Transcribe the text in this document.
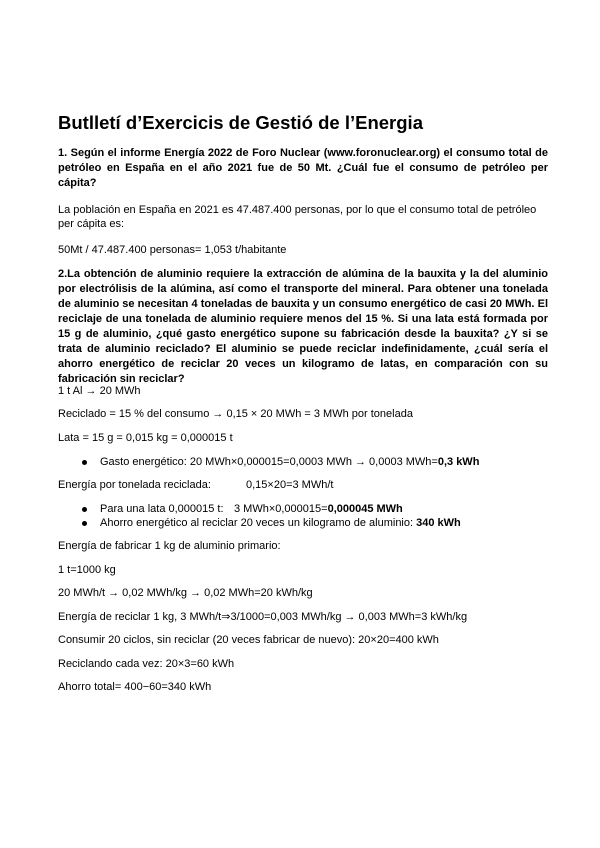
Butlletí d’Exercicis de Gestió de l’Energia

1. Según el informe Energía 2022 de Foro Nuclear (www.foronuclear.org) el consumo total de petróleo en España en el año 2021 fue de 50 Mt. ¿Cuál fue el consumo de petróleo per cápita?

La población en España en 2021 es 47.487.400 personas, por lo que el consumo total de petróleo per cápita es:

50Mt / 47.487.400 personas= 1,053 t/habitante

2.La obtención de aluminio requiere la extracción de alúmina de la bauxita y la del aluminio por electrólisis de la alúmina, así como el transporte del mineral. Para obtener una tonelada de aluminio se necesitan 4 toneladas de bauxita y un consumo energético de casi 20 MWh. El reciclaje de una tonelada de aluminio requiere menos del 15 %. Si una lata está formada por 15 g de aluminio, ¿qué gasto energético supone su fabricación desde la bauxita? ¿Y si se trata de aluminio reciclado? El aluminio se puede reciclar indefinidamente, ¿cuál sería el ahorro energético de reciclar 20 veces un kilogramo de latas, en comparación con su fabricación sin reciclar?

1 t Al → 20 MWh

Reciclado = 15 % del consumo → 0,15 × 20 MWh = 3 MWh por tonelada

Lata = 15 g = 0,015 kg = 0,000015 t

Gasto energético: 20 MWh×0,000015=0,0003 MWh → 0,0003 MWh=0,3 kWh

Energía por tonelada reciclada:	0,15×20=3 MWh/t

Para una lata 0,000015 t: 3 MWh×0,000015=0,000045 MWh
Ahorro energético al reciclar 20 veces un kilogramo de aluminio: 340 kWh

Energía de fabricar 1 kg de aluminio primario:

1 t=1000 kg

20 MWh/t → 0,02 MWh/kg → 0,02 MWh=20 kWh/kg

Energía de reciclar 1 kg, 3 MWh/t⇒3/1000=0,003 MWh/kg → 0,003 MWh=3 kWh/kg

Consumir 20 ciclos, sin reciclar (20 veces fabricar de nuevo): 20×20=400 kWh

Reciclando cada vez: 20×3=60 kWh

Ahorro total= 400−60=340 kWh
